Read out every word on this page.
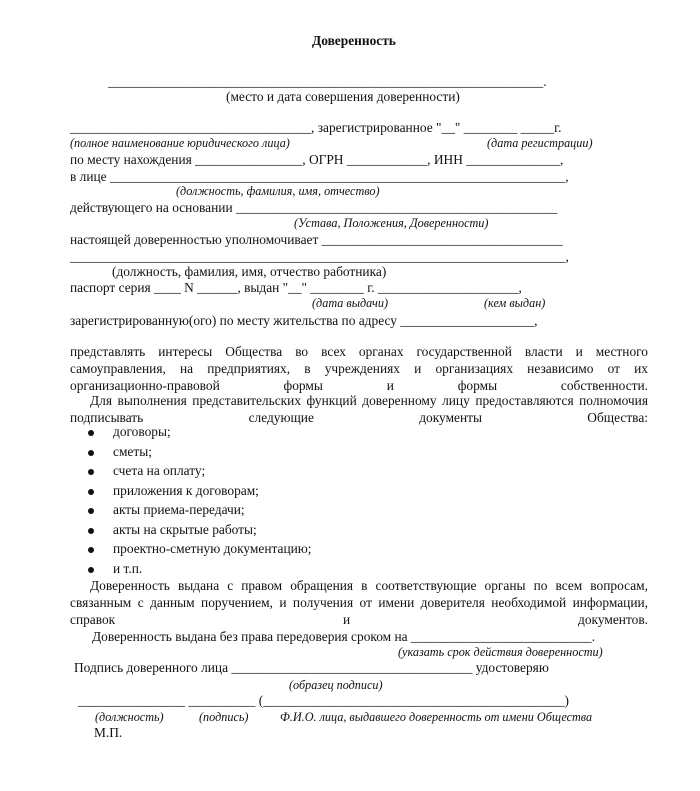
Доверенность
_________________________________________________________________.
(место и дата совершения доверенности)
____________________________________, зарегистрированное "__" ________ _____г.
(полное наименование юридического лица)	(дата регистрации)
по месту нахождения ________________, ОГРН ____________, ИНН ______________,
в лице ____________________________________________________________________,
(должность, фамилия, имя, отчество)
действующего на основании ________________________________________________
(Устава, Положения, Доверенности)
настоящей доверенностью уполномочивает ____________________________________
__________________________________________________________________________,
(должность, фамилия, имя, отчество работника)
паспорт серия ____ N ______, выдан "__" ________ г. _____________________,
(дата выдачи)	(кем выдан)
зарегистрированную(ого) по месту жительства по адресу ____________________,
представлять интересы Общества во всех органах государственной власти и местного самоуправления, на предприятиях, в учреждениях и организациях независимо от их организационно-правовой формы и формы собственности.
Для выполнения представительских функций доверенному лицу предоставляются полномочия подписывать следующие документы Общества:
договоры;
сметы;
счета на оплату;
приложения к договорам;
акты приема-передачи;
акты на скрытые работы;
проектно-сметную документацию;
и т.п.
Доверенность выдана с правом обращения в соответствующие органы по всем вопросам, связанным с данным поручением, и получения от имени доверителя необходимой информации, справок и документов.
Доверенность выдана без права передоверия сроком на ___________________________.
(указать срок действия доверенности)
Подпись доверенного лица ____________________________________ удостоверяю
(образец подписи)
________________ __________ (_____________________________________________)
(должность)	(подпись)	Ф.И.О. лица, выдавшего доверенность от имени Общества
М.П.
